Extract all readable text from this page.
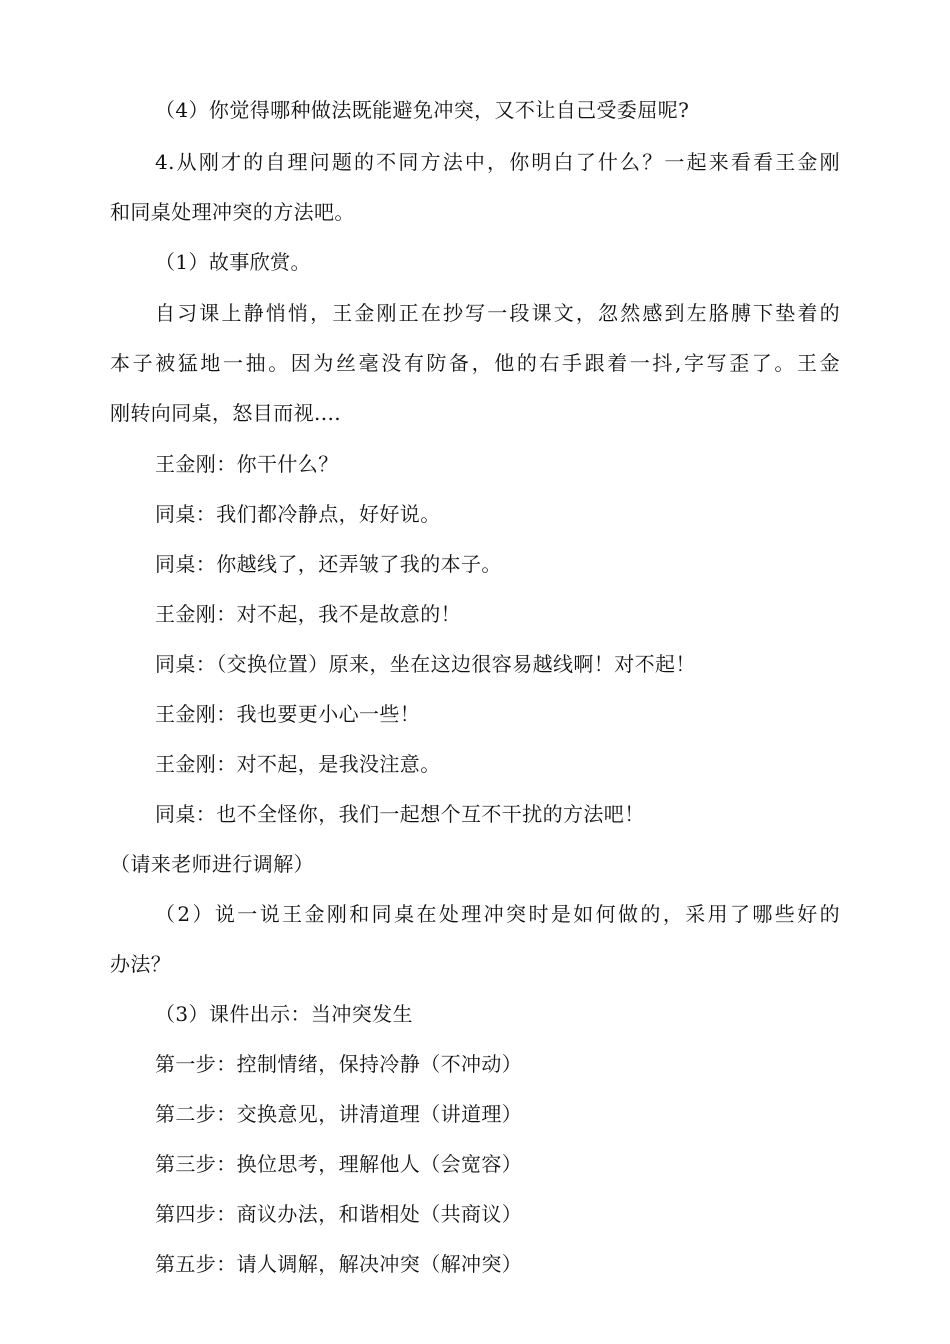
（4）你觉得哪种做法既能避免冲突，又不让自己受委屈呢?
4.从刚才的自理问题的不同方法中，你明白了什么？一起来看看王金刚
和同桌处理冲突的方法吧。
（1）故事欣赏。
自习课上静悄悄，王金刚正在抄写一段课文，忽然感到左胳膊下垫着的
本子被猛地一抽。因为丝毫没有防备，他的右手跟着一抖,字写歪了。王金
刚转向同桌，怒目而视....
王金刚：你干什么？
同桌：我们都冷静点，好好说。
同桌：你越线了，还弄皱了我的本子。
王金刚：对不起，我不是故意的！
同桌：（交换位置）原来，坐在这边很容易越线啊！对不起！
王金刚：我也要更小心一些！
王金刚：对不起，是我没注意。
同桌：也不全怪你，我们一起想个互不干扰的方法吧！
（请来老师进行调解）
（2）说一说王金刚和同桌在处理冲突时是如何做的，采用了哪些好的
办法？
（3）课件出示：当冲突发生
第一步：控制情绪，保持冷静（不冲动）
第二步：交换意见，讲清道理（讲道理）
第三步：换位思考，理解他人（会宽容）
第四步：商议办法，和谐相处（共商议）
第五步：请人调解，解决冲突（解冲突）
